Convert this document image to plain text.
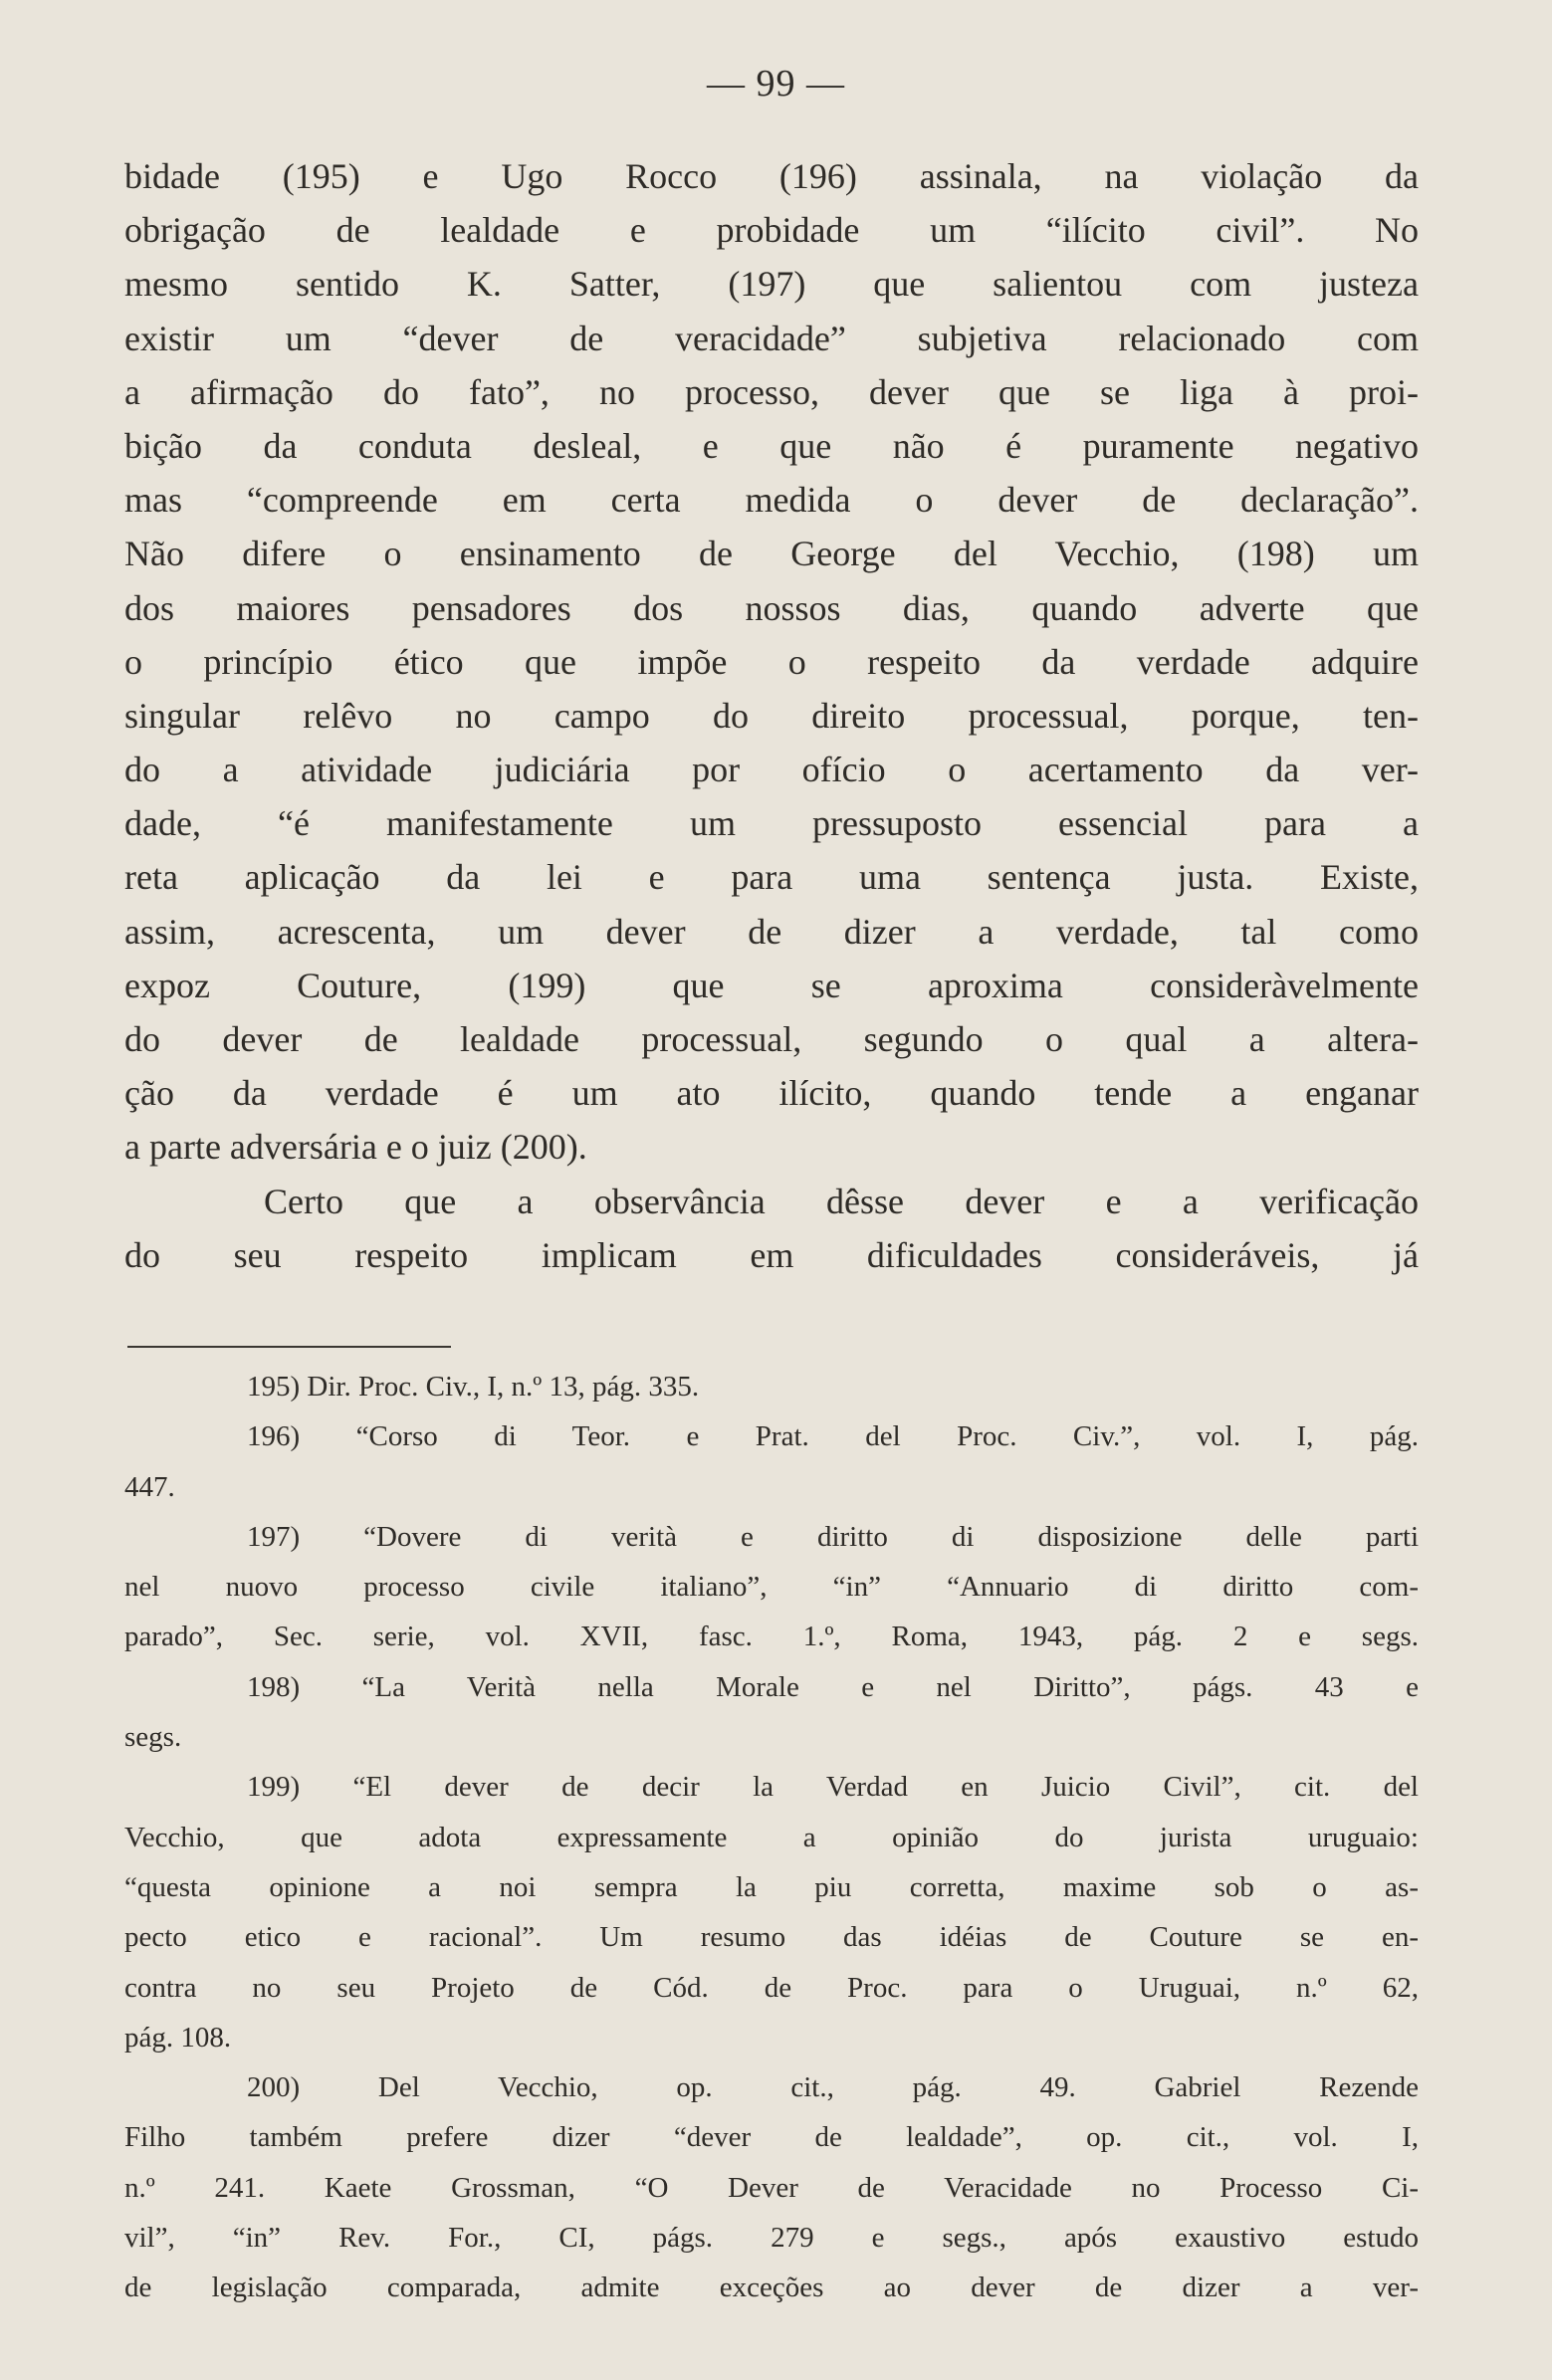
— 99 —
bidade (195) e Ugo Rocco (196) assinala, na violação da
obrigação de lealdade e probidade um “ilícito civil”. No
mesmo sentido K. Satter, (197) que salientou com justeza
existir um “dever de veracidade” subjetiva relacionado com
a afirmação do fato”, no processo, dever que se liga à proi-
bição da conduta desleal, e que não é puramente negativo
mas “compreende em certa medida o dever de declaração”.
Não difere o ensinamento de George del Vecchio, (198) um
dos maiores pensadores dos nossos dias, quando adverte que
o princípio ético que impõe o respeito da verdade adquire
singular relêvo no campo do direito processual, porque, ten-
do a atividade judiciária por ofício o acertamento da ver-
dade, “é manifestamente um pressuposto essencial para a
reta aplicação da lei e para uma sentença justa. Existe,
assim, acrescenta, um dever de dizer a verdade, tal como
expoz Couture, (199) que se aproxima consideràvelmente
do dever de lealdade processual, segundo o qual a altera-
ção da verdade é um ato ilícito, quando tende a enganar
a parte adversária e o juiz (200).
Certo que a observância dêsse dever e a verificação
do seu respeito implicam em dificuldades consideráveis, já
195) Dir. Proc. Civ., I, n.º 13, pág. 335.
196) “Corso di Teor. e Prat. del Proc. Civ.”, vol. I, pág.
447.
197) “Dovere di verità e diritto di disposizione delle parti
nel nuovo processo civile italiano”, “in” “Annuario di diritto com-
parado”, Sec. serie, vol. XVII, fasc. 1.º, Roma, 1943, pág. 2 e segs.
198) “La Verità nella Morale e nel Diritto”, págs. 43 e
segs.
199) “El dever de decir la Verdad en Juicio Civil”, cit. del
Vecchio, que adota expressamente a opinião do jurista uruguaio:
“questa opinione a noi sempra la piu corretta, maxime sob o as-
pecto etico e racional”. Um resumo das idéias de Couture se en-
contra no seu Projeto de Cód. de Proc. para o Uruguai, n.º 62,
pág. 108.
200) Del Vecchio, op. cit., pág. 49. Gabriel Rezende
Filho também prefere dizer “dever de lealdade”, op. cit., vol. I,
n.º 241. Kaete Grossman, “O Dever de Veracidade no Processo Ci-
vil”, “in” Rev. For., CI, págs. 279 e segs., após exaustivo estudo
de legislação comparada, admite exceções ao dever de dizer a ver-
